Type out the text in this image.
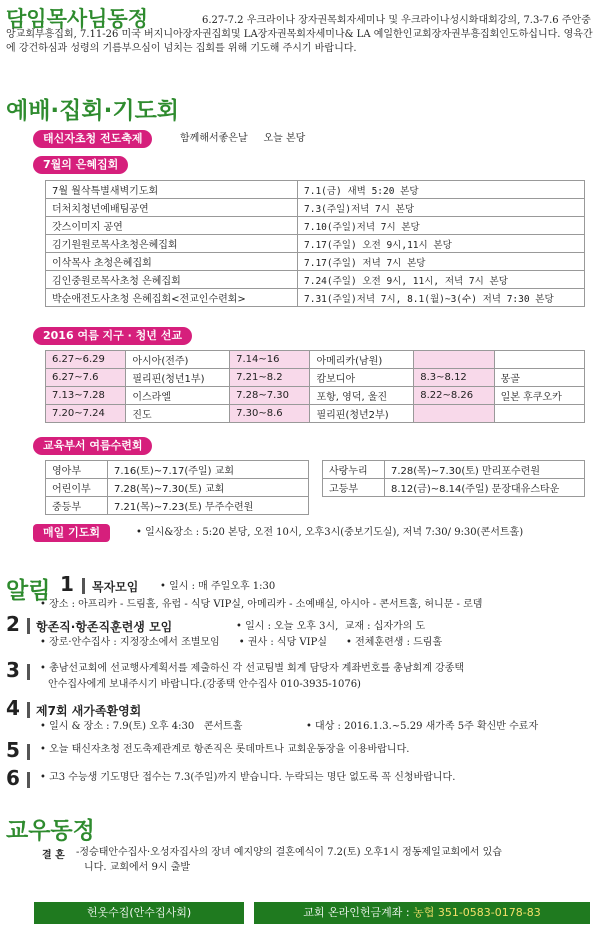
담임목사님동정	6.27-7.2 우크라이나 장자권목회자세미나 및 우크라이나성시화대회강의, 7.3-7.6 주안중앙교회부흥집회, 7.11-26 미국 버지니아장자권집회및 LA장자권목회자세미나& LA 예일한인교회장자권부흥집회인도하십니다. 영육간에 강건하심과 성령의 기름부으심이 넘치는 집회를 위해 기도해 주시기 바랍니다.
예배·집회·기도회
태신자초청 전도축제	함께해서좋은날     오늘 본당
7월의 은혜집회
7월 월삭특별새벽기도회	7.1(금) 새벽 5:20 본당
더처치청년예배팀공연	7.3(주일)저녁 7시 본당
갓스이미지 공연	7.10(주일)저녁 7시 본당
김기원원로목사초청은혜집회	7.17(주일) 오전 9시,11시 본당
이삭목사 초청은혜집회	7.17(주일) 저녁 7시 본당
김인중원로목사초청 은혜집회	7.24(주일) 오전 9시, 11시, 저녁 7시 본당
박순애전도사초청 은혜집회<전교인수련회>	7.31(주일)저녁 7시, 8.1(월)~3(수) 저녁 7:30 본당
2016 여름 지구 · 청년 선교
6.27~6.29	아시아(전주)	7.14~16	아메리카(남원)		
6.27~7.6	필리핀(청년1부)	7.21~8.2	캄보디아	8.3~8.12	몽골
7.13~7.28	이스라엘	7.28~7.30	포항, 영덕, 울진	8.22~8.26	일본 후쿠오카
7.20~7.24	진도	7.30~8.6	필리핀(청년2부)		
교육부서 여름수련회
영아부	7.16(토)~7.17(주일) 교회
어린이부	7.28(목)~7.30(토) 교회
중등부	7.21(목)~7.23(토) 무주수련원
사랑누리	7.28(목)~7.30(토) 만리포수련원
고등부	8.12(금)~8.14(주일) 문장대유스타운
매일 기도회	• 일시&장소 : 5:20 본당, 오전 10시, 오후3시(중보기도실), 저녁 7:30/ 9:30(콘서트홀)
알림 1 목자모임 • 일시 : 매 주일오후 1:30
• 장소 : 아프리카 - 드림홀, 유럽 - 식당 VIP실, 아메리카 - 소예배실, 아시아 - 콘서트홀, 허니문 - 로뎀
2 항존직·항존직훈련생 모임	• 일시 : 오늘 오후 3시,  교재 : 십자가의 도
• 장로·안수집사 : 지정장소에서 조별모임      • 권사 : 식당 VIP실      • 전체훈련생 : 드림홀
3 • 총남선교회에 선교행사계획서를 제출하신 각 선교팀별 회계 담당자 계좌번호를 총남회계 강종택
안수집사에게 보내주시기 바랍니다.(강종택 안수집사 010-3935-1076)
4 제7회 새가족환영회
• 일시 & 장소 : 7.9(토) 오후 4:30   콘서트홀                    • 대상 : 2016.1.3.~5.29 새가족 5주 확신반 수료자
5 • 오늘 태신자초청 전도축제관계로 항존직은 롯데마트나 교회운동장을 이용바랍니다.
6 • 고3 수능생 기도명단 접수는 7.3(주일)까지 받습니다. 누락되는 명단 없도록 꼭 신청바랍니다.
교우동정
결 혼 -정승태안수집사·오성자집사의 장녀 예지양의 결혼예식이 7.2(토) 오후1시 정동제일교회에서 있습
니다. 교회에서 9시 출발
헌옷수집(안수집사회)	교회 온라인헌금계좌 : 농협 351-0583-0178-83
